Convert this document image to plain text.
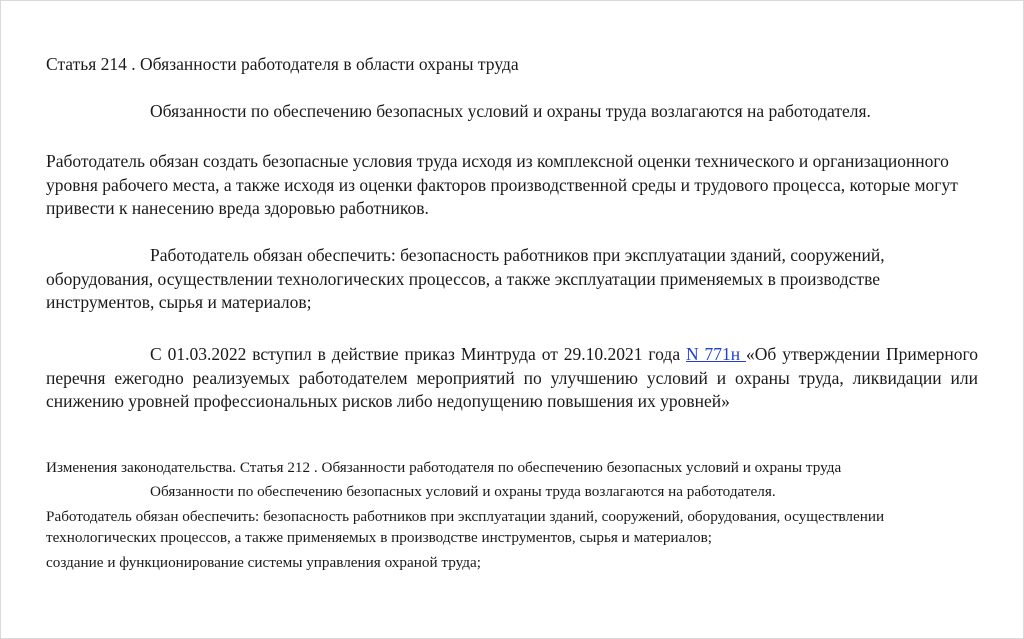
Статья 214 . Обязанности работодателя в области охраны труда

Обязанности по обеспечению безопасных условий и охраны труда возлагаются на работодателя.

Работодатель обязан создать безопасные условия труда исходя из комплексной оценки технического и организационного уровня рабочего места, а также исходя из оценки факторов производственной среды и трудового процесса, которые могут привести к нанесению вреда здоровью работников.

Работодатель обязан обеспечить: безопасность работников при эксплуатации зданий, сооружений, оборудования, осуществлении технологических процессов, а также эксплуатации применяемых в производстве инструментов, сырья и материалов;

С 01.03.2022 вступил в действие приказ Минтруда от 29.10.2021 года N 771н «Об утверждении Примерного перечня ежегодно реализуемых работодателем мероприятий по улучшению условий и охраны труда, ликвидации или снижению уровней профессиональных рисков либо недопущению повышения их уровней»

Изменения законодательства. Статья 212 . Обязанности работодателя по обеспечению безопасных условий и охраны труда

Обязанности по обеспечению безопасных условий и охраны труда возлагаются на работодателя.

Работодатель обязан обеспечить: безопасность работников при эксплуатации зданий, сооружений, оборудования, осуществлении технологических процессов, а также применяемых в производстве инструментов, сырья и материалов;

создание и функционирование системы управления охраной труда;
